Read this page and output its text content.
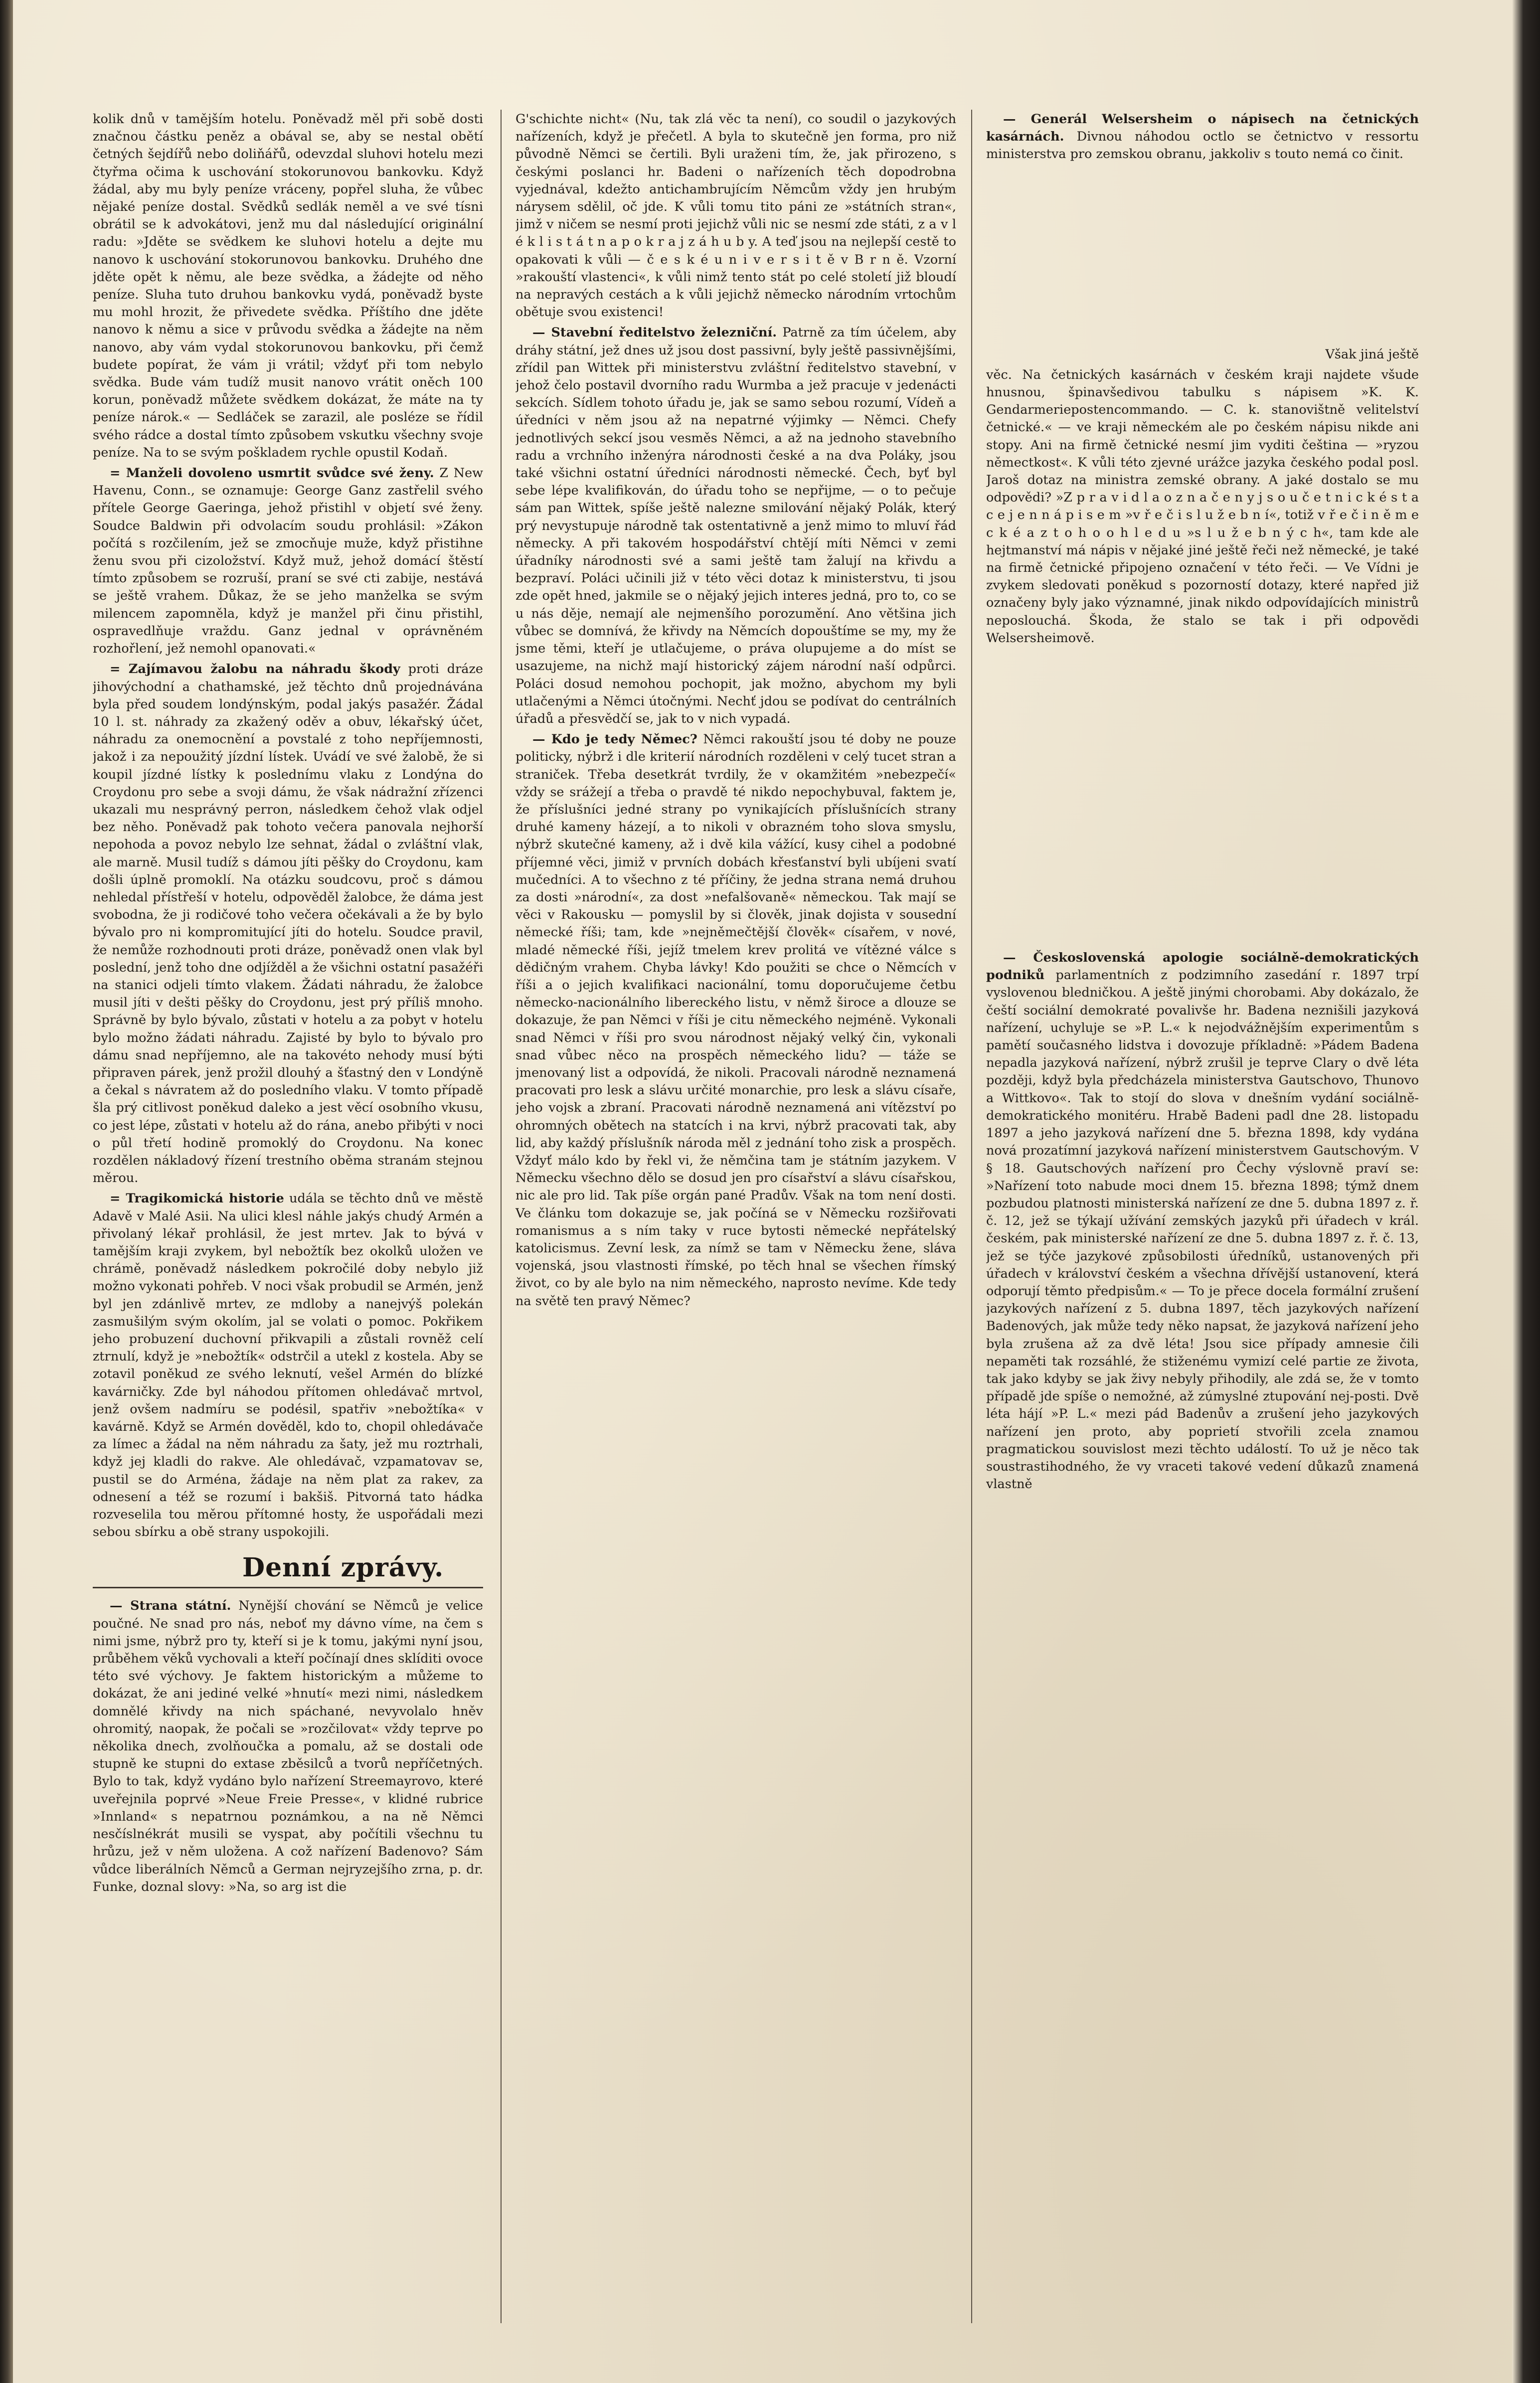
kolik dnů v tamějším hotelu. Poněvadž měl při sobě dosti značnou částku peněz a obával se, aby se nestal obětí četných šejdířů nebo doliňářů, odevzdal sluhovi hotelu mezi čtyřma očima k uschování stokorunovou bankovku. Když žádal, aby mu byly peníze vráceny, popřel sluha, že vůbec nějaké peníze dostal. Svědků sedlák neměl a ve své tísni obrátil se k advokátovi, jenž mu dal následující originální radu: »Jděte se svědkem ke sluhovi hotelu a dejte mu nanovo k uschování stokorunovou bankovku. Druhého dne jděte opět k němu, ale beze svědka, a žádejte od něho peníze. Sluha tuto druhou bankovku vydá, poněvadž byste mu mohl hrozit, že přivedete svědka. Příštího dne jděte nanovo k němu a sice v průvodu svědka a žádejte na něm nanovo, aby vám vydal stokorunovou bankovku, při čemž budete popírat, že vám ji vrátil; vždyť při tom nebylo svědka. Bude vám tudíž musit nanovo vrátit oněch 100 korun, poněvadž můžete svědkem dokázat, že máte na ty peníze nárok.« — Sedláček se zarazil, ale posléze se řídil svého rádce a dostal tímto způsobem vskutku všechny svoje peníze. Na to se svým poškladem rychle opustil Kodaň.

= Manželi dovoleno usmrtit svůdce své ženy. Z New Havenu, Conn., se oznamuje: George Ganz zastřelil svého přítele George Gaeringa, jehož přistihl v objetí své ženy. Soudce Baldwin při odvolacím soudu prohlásil: »Zákon počítá s rozčilením, jež se zmocňuje muže, když přistihne ženu svou při cizoložství. Když muž, jehož domácí štěstí tímto způsobem se rozruší, praní se své cti zabije, nestává se ještě vrahem. Důkaz, že se jeho manželka se svým milencem zapomněla, když je manžel při činu přistihl, ospravedlňuje vraždu. Ganz jednal v oprávněném rozhořlení, jež nemohl opanovati.«

= Zajímavou žalobu na náhradu škody proti dráze jihovýchodní a chathamské, jež těchto dnů projednávána byla před soudem londýnským, podal jakýs pasažér. Žádal 10 l. st. náhrady za zkažený oděv a obuv, lékařský účet, náhradu za onemocnění a povstalé z toho nepříjemnosti, jakož i za nepoužitý jízdní lístek. Uvádí ve své žalobě, že si koupil jízdné lístky k poslednímu vlaku z Londýna do Croydonu pro sebe a svoji dámu, že však nádražní zřízenci ukazali mu nesprávný perron, následkem čehož vlak odjel bez něho. Poněvadž pak tohoto večera panovala nejhorší nepohoda a povoz nebylo lze sehnat, žádal o zvláštní vlak, ale marně. Musil tudíž s dámou jíti pěšky do Croydonu, kam došli úplně promoklí. Na otázku soudcovu, proč s dámou nehledal přístřeší v hotelu, odpověděl žalobce, že dáma jest svobodna, že ji rodičové toho večera očekávali a že by bylo bývalo pro ni kompromitující jíti do hotelu. Soudce pravil, že nemůže rozhodnouti proti dráze, poněvadž onen vlak byl poslední, jenž toho dne odjížděl a že všichni ostatní pasažéři na stanici odjeli tímto vlakem. Žádati náhradu, že žalobce musil jíti v dešti pěšky do Croydonu, jest prý příliš mnoho. Správně by bylo bývalo, zůstati v hotelu a za pobyt v hotelu bylo možno žádati náhradu. Zajisté by bylo to bývalo pro dámu snad nepříjemno, ale na takovéto nehody musí býti připraven párek, jenž prožil dlouhý a šťastný den v Londýně a čekal s návratem až do posledního vlaku. V tomto případě šla prý citlivost poněkud daleko a jest věcí osobního vkusu, co jest lépe, zůstati v hotelu až do rána, anebo přibýti v noci o půl třetí hodině promoklý do Croydonu. Na konec rozdělen nákladový řízení trestního oběma stranám stejnou měrou.

= Tragikomická historie udála se těchto dnů ve městě Adavě v Malé Asii. Na ulici klesl náhle jakýs chudý Armén a přivolaný lékař prohlásil, že jest mrtev. Jak to bývá v tamějším kraji zvykem, byl nebožtík bez okolků uložen ve chrámě, poněvadž následkem pokročilé doby nebylo již možno vykonati pohřeb. V noci však probudil se Armén, jenž byl jen zdánlivě mrtev, ze mdloby a nanejvýš polekán zasmušilým svým okolím, jal se volati o pomoc. Pokřikem jeho probuzení duchovní přikvapili a zůstali rovněž celí ztrnulí, když je »nebožtík« odstrčil a utekl z kostela. Aby se zotavil poněkud ze svého leknutí, vešel Armén do blízké kavárničky. Zde byl náhodou přítomen ohledávač mrtvol, jenž ovšem nadmíru se podésil, spatřiv »nebožtíka« v kavárně. Když se Armén dověděl, kdo to, chopil ohledávače za límec a žádal na něm náhradu za šaty, jež mu roztrhali, když jej kladli do rakve. Ale ohledávač, vzpamatovav se, pustil se do Arména, žádaje na něm plat za rakev, za odnesení a též se rozumí i bakšiš. Pitvorná tato hádka rozveselila tou měrou přítomné hosty, že uspořádali mezi sebou sbírku a obě strany uspokojili.

Denní zprávy.

— Strana státní. Nynější chování se Němců je velice poučné. Ne snad pro nás, neboť my dávno víme, na čem s nimi jsme, nýbrž pro ty, kteří si je k tomu, jakými nyní jsou, průběhem věků vychovali a kteří počínají dnes sklíditi ovoce této své výchovy. Je faktem historickým a můžeme to dokázat, že ani jediné velké »hnutí« mezi nimi, následkem domnělé křivdy na nich spáchané, nevyvolalo hněv ohromitý, naopak, že počali se »rozčilovat« vždy teprve po několika dnech, zvolňoučka a pomalu, až se dostali ode stupně ke stupni do extase zběsilců a tvorů nepříčetných. Bylo to tak, když vydáno bylo nařízení Streemayrovo, které uveřejnila poprvé »Neue Freie Presse«, v klidné rubrice »Innland« s nepatrnou poznámkou, a na ně Němci nesčíslnékrát musili se vyspat, aby počítili všechnu tu hrůzu, jež v něm uložena. A což nařízení Badenovo? Sám vůdce liberálních Němců a German nejryzejšího zrna, p. dr. Funke, doznal slovy: »Na, so arg ist die

G'schichte nicht« (Nu, tak zlá věc ta není), co soudil o jazykových nařízeních, když je přečetl. A byla to skutečně jen forma, pro niž původně Němci se čertili. Byli uraženi tím, že, jak přirozeno, s českými poslanci hr. Badeni o nařízeních těch dopodrobna vyjednával, kdežto antichambrujícím Němcům vždy jen hrubým nárysem sdělil, oč jde. K vůli tomu tito páni ze »státních stran«, jimž v ničem se nesmí proti jejichž vůli nic se nesmí zde státi, z a v l é k l i s t á t n a p o k r a j z á h u b y. A teď jsou na nejlepší cestě to opakovati k vůli — č e s k é u n i v e r s i t ě v B r n ě. Vzorní »rakouští vlastenci«, k vůli nimž tento stát po celé století již bloudí na nepravých cestách a k vůli jejichž německo národním vrtochům obětuje svou existenci!

— Stavební ředitelstvo železniční. Patrně za tím účelem, aby dráhy státní, jež dnes už jsou dost passivní, byly ještě passivnějšími, zřídil pan Wittek při ministerstvu zvláštní ředitelstvo stavební, v jehož čelo postavil dvorního radu Wurmba a jež pracuje v jedenácti sekcích. Sídlem tohoto úřadu je, jak se samo sebou rozumí, Vídeň a úředníci v něm jsou až na nepatrné výjimky — Němci. Chefy jednotlivých sekcí jsou vesměs Němci, a až na jednoho stavebního radu a vrchního inženýra národnosti české a na dva Poláky, jsou také všichni ostatní úředníci národnosti německé. Čech, byť byl sebe lépe kvalifikován, do úřadu toho se nepřijme, — o to pečuje sám pan Wittek, spíše ještě nalezne smilování nějaký Polák, který prý nevystupuje národně tak ostentativně a jenž mimo to mluví řád německy. A při takovém hospodářství chtějí míti Němci v zemi úřadníky národnosti své a sami ještě tam žalují na křivdu a bezpraví. Poláci učinili již v této věci dotaz k ministerstvu, ti jsou zde opět hned, jakmile se o nějaký jejich interes jedná, pro to, co se u nás děje, nemají ale nejmenšího porozumění. Ano většina jich vůbec se domnívá, že křivdy na Němcích dopouštíme se my, my že jsme těmi, kteří je utlačujeme, o práva olupujeme a do míst se usazujeme, na nichž mají historický zájem národní naší odpůrci. Poláci dosud nemohou pochopit, jak možno, abychom my byli utlačenými a Němci útočnými. Nechť jdou se podívat do centrálních úřadů a přesvědčí se, jak to v nich vypadá.

— Kdo je tedy Němec? Němci rakouští jsou té doby ne pouze politicky, nýbrž i dle kriterií národních rozděleni v celý tucet stran a straniček. Třeba desetkrát tvrdily, že v okamžitém »nebezpečí« vždy se srážejí a třeba o pravdě té nikdo nepochybuval, faktem je, že příslušníci jedné strany po vynikajících příslušnících strany druhé kameny házejí, a to nikoli v obrazném toho slova smyslu, nýbrž skutečné kameny, až i dvě kila vážící, kusy cihel a podobné příjemné věci, jimiž v prvních dobách křesťanství byli ubíjeni svatí mučedníci. A to všechno z té příčiny, že jedna strana nemá druhou za dosti »národní«, za dost »nefalšovaně« německou. Tak mají se věci v Rakousku — pomyslil by si člověk, jinak dojista v sousední německé říši; tam, kde »nejněmečtější člověk« císařem, v nové, mladé německé říši, jejíž tmelem krev prolitá ve vítězné válce s dědičným vrahem. Chyba lávky! Kdo použiti se chce o Němcích v říši a o jejich kvalifikaci nacionální, tomu doporučujeme četbu německo-nacionálního libereckého listu, v němž široce a dlouze se dokazuje, že pan Němci v říši je citu německého nejméně. Vykonali snad Němci v říši pro svou národnost nějaký velký čin, vykonali snad vůbec něco na prospěch německého lidu? — táže se jmenovaný list a odpovídá, že nikoli. Pracovali národně neznamená pracovati pro lesk a slávu určité monarchie, pro lesk a slávu císaře, jeho vojsk a zbraní. Pracovati národně neznamená ani vítězství po ohromných obětech na statcích i na krvi, nýbrž pracovati tak, aby lid, aby každý příslušník národa měl z jednání toho zisk a prospěch. Vždyť málo kdo by řekl vi, že němčina tam je státním jazykem. V Německu všechno dělo se dosud jen pro císařství a slávu císařskou, nic ale pro lid. Tak píše orgán pané Pradův. Však na tom není dosti. Ve článku tom dokazuje se, jak počíná se v Německu rozšiřovati romanismus a s ním taky v ruce bytosti německé nepřátelský katolicismus. Zevní lesk, za nímž se tam v Německu žene, sláva vojenská, jsou vlastnosti římské, po těch hnal se všechen římský život, co by ale bylo na nim německého, naprosto nevíme. Kde tedy na světě ten pravý Němec?

— Generál Welsersheim o nápisech na četnických kasárnách. Divnou náhodou octlo se četnictvo v ressortu ministerstva pro zemskou obranu, jakkoliv s touto nemá co činit.

Však jiná ještě

věc. Na četnických kasárnách v českém kraji najdete všude hnusnou, špinavšedivou tabulku s nápisem »K. K. Gendarmeriepostencommando. — C. k. stanovištně velitelství četnické.« — ve kraji německém ale po českém nápisu nikde ani stopy. Ani na firmě četnické nesmí jim vyditi čeština — »ryzou němectkost«. K vůli této zjevné urážce jazyka českého podal posl. Jaroš dotaz na ministra zemské obrany. A jaké dostalo se mu odpovědi? »Z p r a v i d l a o z n a č e n y j s o u č e t n i c k é s t a c e j e n n á p i s e m »v ř e č i s l u ž e b n í«, totiž v ř e č i n ě m e c k é a z t o h o o h l e d u »s l u ž e b n ý c h«, tam kde ale hejtmanství má nápis v nějaké jiné ještě řeči než německé, je také na firmě četnické připojeno označení v této řeči. — Ve Vídni je zvykem sledovati poněkud s pozorností dotazy, které napřed již označeny byly jako významné, jinak nikdo odpovídajících ministrů neposlouchá. Škoda, že stalo se tak i při odpovědi Welsersheimově.

— Československá apologie sociálně-demokratických podniků parlamentních z podzimního zasedání r. 1897 trpí vyslovenou bledničkou. A ještě jinými chorobami. Aby dokázalo, že čeští sociální demokraté povalivše hr. Badena neznišili jazyková nařízení, uchyluje se »P. L.« k nejodvážnějším experimentům s pamětí současného lidstva i dovozuje příkladně: »Pádem Badena nepadla jazyková nařízení, nýbrž zrušil je teprve Clary o dvě léta později, když byla předcházela ministerstva Gautschovo, Thunovo a Wittkovo«. Tak to stojí do slova v dnešním vydání sociálně-demokratického monitéru. Hrabě Badeni padl dne 28. listopadu 1897 a jeho jazyková nařízení dne 5. března 1898, kdy vydána nová prozatímní jazyková nařízení ministerstvem Gautschovým. V § 18. Gautschových nařízení pro Čechy výslovně praví se: »Nařízení toto nabude moci dnem 15. března 1898; týmž dnem pozbudou platnosti ministerská nařízení ze dne 5. dubna 1897 z. ř. č. 12, jež se týkají užívání zemských jazyků při úřadech v král. českém, pak ministerské nařízení ze dne 5. dubna 1897 z. ř. č. 13, jež se týče jazykové způsobilosti úředníků, ustanovených při úřadech v království českém a všechna dřívější ustanovení, která odporují těmto předpisům.« — To je přece docela formální zrušení jazykových nařízení z 5. dubna 1897, těch jazykových nařízení Badenových, jak může tedy něko napsat, že jazyková nařízení jeho byla zrušena až za dvě léta! Jsou sice případy amnesie čili nepaměti tak rozsáhlé, že stiženému vymizí celé partie ze života, tak jako kdyby se jak živy nebyly přihodily, ale zdá se, že v tomto případě jde spíše o nemožné, až zúmyslné ztupování nej-posti. Dvě léta hájí »P. L.« mezi pád Badenův a zrušení jeho jazykových nařízení jen proto, aby poprietí stvořili zcela znamou pragmatickou souvislost mezi těchto událostí. To už je něco tak soustrastihodného, že vy vraceti takové vedení důkazů znamená vlastně
